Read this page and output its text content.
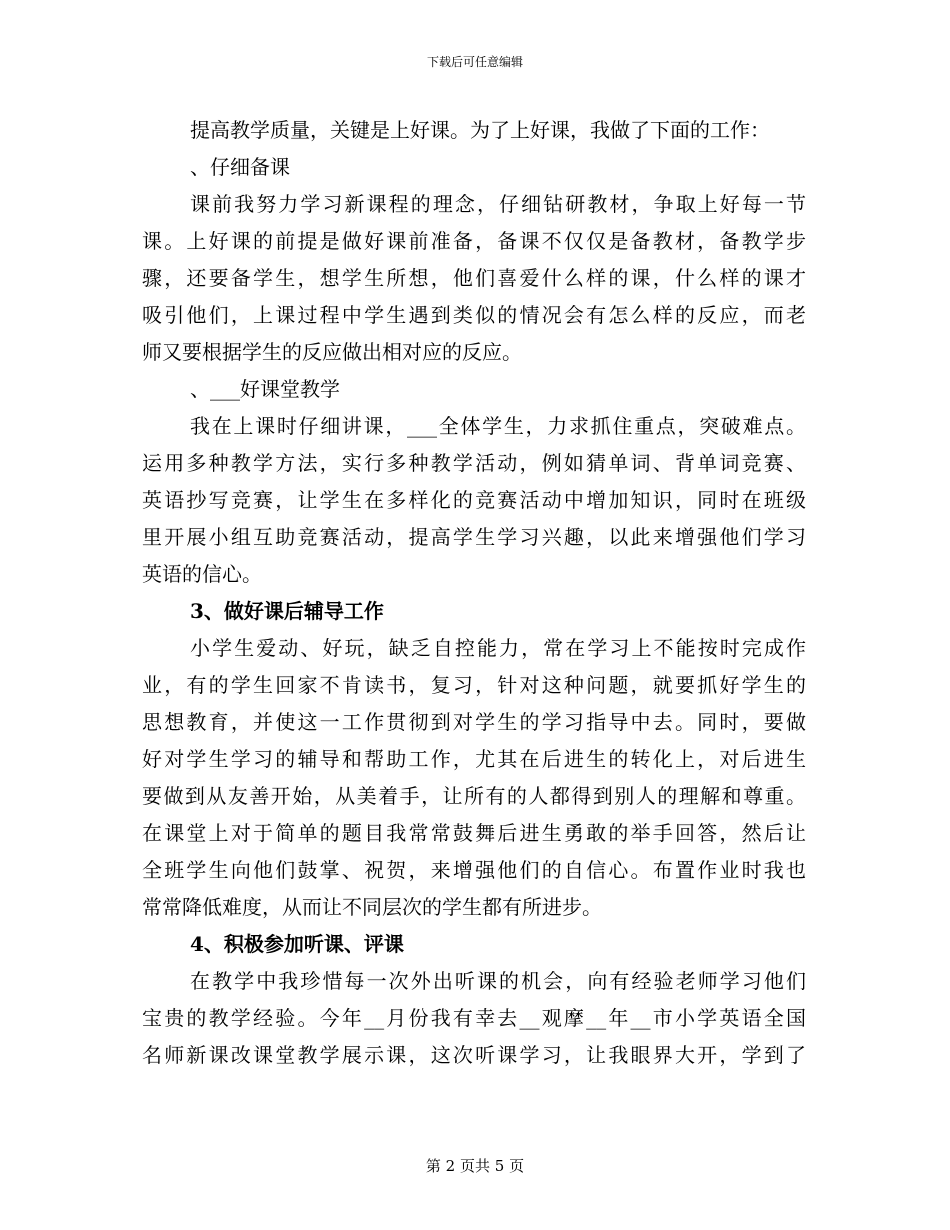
下载后可任意编辑
提高教学质量，关键是上好课。为了上好课，我做了下面的工作：
、仔细备课
课前我努力学习新课程的理念，仔细钻研教材，争取上好每一节
课。上好课的前提是做好课前准备，备课不仅仅是备教材，备教学步
骤，还要备学生，想学生所想，他们喜爱什么样的课，什么样的课才
吸引他们，上课过程中学生遇到类似的情况会有怎么样的反应，而老
师又要根据学生的反应做出相对应的反应。
、___好课堂教学
我在上课时仔细讲课，___全体学生，力求抓住重点，突破难点。
运用多种教学方法，实行多种教学活动，例如猜单词、背单词竞赛、
英语抄写竞赛，让学生在多样化的竞赛活动中增加知识，同时在班级
里开展小组互助竞赛活动，提高学生学习兴趣，以此来增强他们学习
英语的信心。
3、做好课后辅导工作
小学生爱动、好玩，缺乏自控能力，常在学习上不能按时完成作
业，有的学生回家不肯读书，复习，针对这种问题，就要抓好学生的
思想教育，并使这一工作贯彻到对学生的学习指导中去。同时，要做
好对学生学习的辅导和帮助工作，尤其在后进生的转化上，对后进生
要做到从友善开始，从美着手，让所有的人都得到别人的理解和尊重。
在课堂上对于简单的题目我常常鼓舞后进生勇敢的举手回答，然后让
全班学生向他们鼓掌、祝贺，来增强他们的自信心。布置作业时我也
常常降低难度，从而让不同层次的学生都有所进步。
4、积极参加听课、评课
在教学中我珍惜每一次外出听课的机会，向有经验老师学习他们
宝贵的教学经验。今年__月份我有幸去__观摩__年__市小学英语全国
名师新课改课堂教学展示课，这次听课学习，让我眼界大开，学到了
第 2 页共 5 页
